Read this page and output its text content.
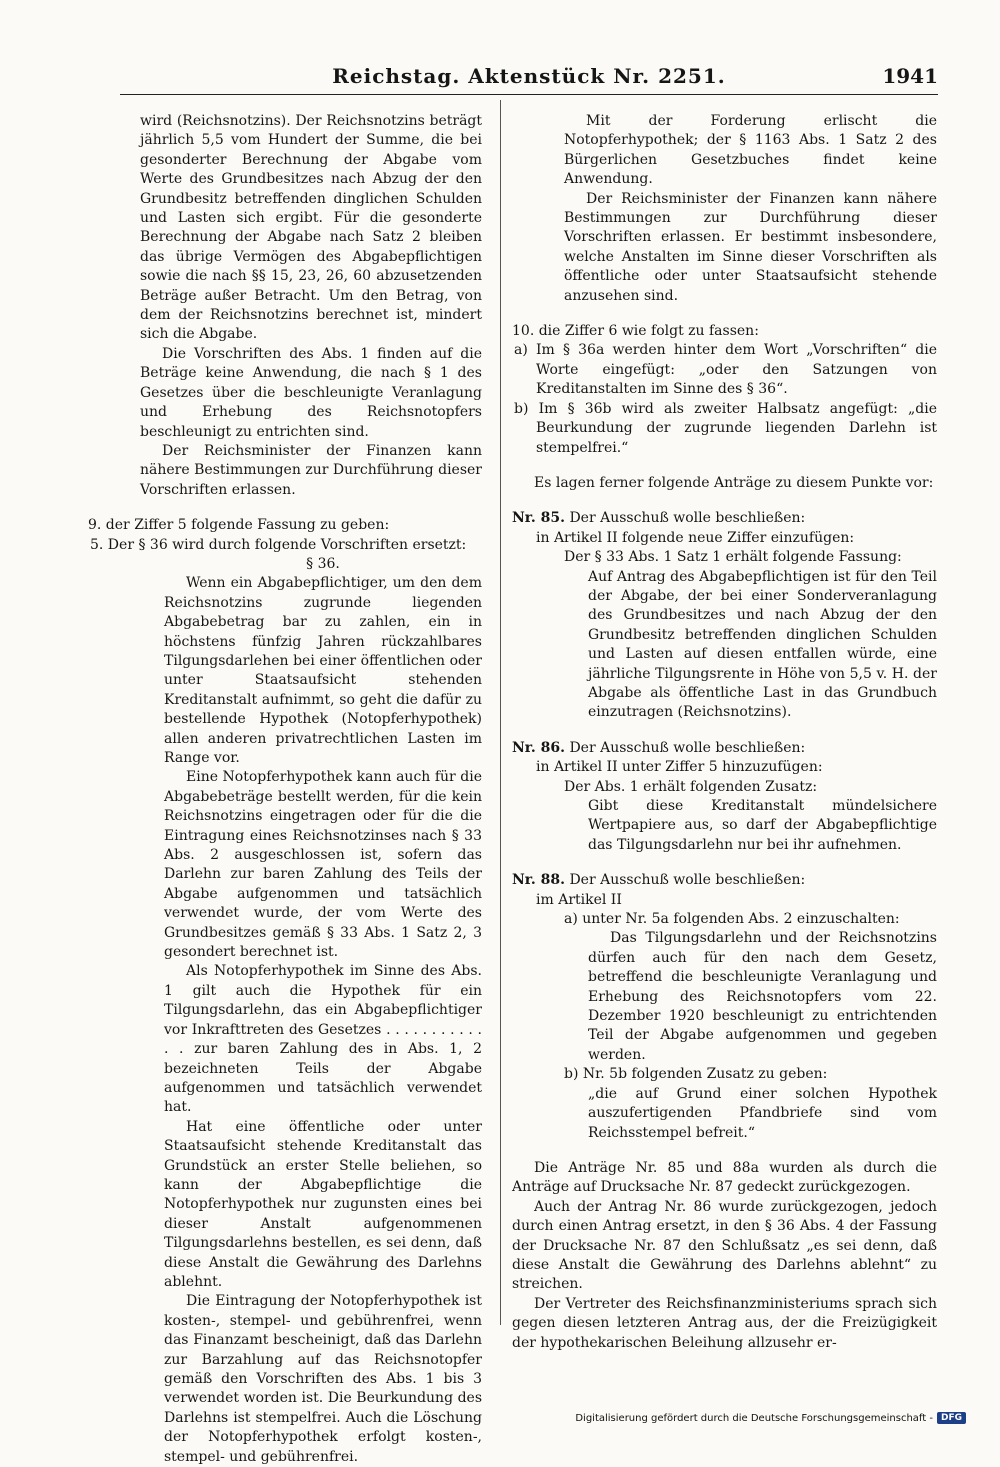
Reichstag. Aktenstück Nr. 2251.	1941

wird (Reichsnotzins). Der Reichsnotzins beträgt jährlich 5,5 vom Hundert der Summe, die bei gesonderter Berechnung der Abgabe vom Werte des Grundbesitzes nach Abzug der den Grundbesitz betreffenden dinglichen Schulden und Lasten sich ergibt. Für die gesonderte Berechnung der Abgabe nach Satz 2 bleiben das übrige Vermögen des Abgabepflichtigen sowie die nach §§ 15, 23, 26, 60 abzusetzenden Beträge außer Betracht. Um den Betrag, von dem der Reichsnotzins berechnet ist, mindert sich die Abgabe.

Die Vorschriften des Abs. 1 finden auf die Beträge keine Anwendung, die nach § 1 des Gesetzes über die beschleunigte Veranlagung und Erhebung des Reichsnotopfers beschleunigt zu entrichten sind.

Der Reichsminister der Finanzen kann nähere Bestimmungen zur Durchführung dieser Vorschriften erlassen.

9. der Ziffer 5 folgende Fassung zu geben:

5. Der § 36 wird durch folgende Vorschriften ersetzt:

§ 36.

Wenn ein Abgabepflichtiger, um den dem Reichsnotzins zugrunde liegenden Abgabebetrag bar zu zahlen, ein in höchstens fünfzig Jahren rückzahlbares Tilgungsdarlehen bei einer öffentlichen oder unter Staatsaufsicht stehenden Kreditanstalt aufnimmt, so geht die dafür zu bestellende Hypothek (Notopferhypothek) allen anderen privatrechtlichen Lasten im Range vor.

Eine Notopferhypothek kann auch für die Abgabebeträge bestellt werden, für die kein Reichsnotzins eingetragen oder für die die Eintragung eines Reichsnotzinses nach § 33 Abs. 2 ausgeschlossen ist, sofern das Darlehn zur baren Zahlung des Teils der Abgabe aufgenommen und tatsächlich verwendet wurde, der vom Werte des Grundbesitzes gemäß § 33 Abs. 1 Satz 2, 3 gesondert berechnet ist.

Als Notopferhypothek im Sinne des Abs. 1 gilt auch die Hypothek für ein Tilgungsdarlehn, das ein Abgabepflichtiger vor Inkrafttreten des Gesetzes . . . . . . . . . . . . . zur baren Zahlung des in Abs. 1, 2 bezeichneten Teils der Abgabe aufgenommen und tatsächlich verwendet hat.

Hat eine öffentliche oder unter Staatsaufsicht stehende Kreditanstalt das Grundstück an erster Stelle beliehen, so kann der Abgabepflichtige die Notopferhypothek nur zugunsten eines bei dieser Anstalt aufgenommenen Tilgungsdarlehns bestellen, es sei denn, daß diese Anstalt die Gewährung des Darlehns ablehnt.

Die Eintragung der Notopferhypothek ist kosten-, stempel- und gebührenfrei, wenn das Finanzamt bescheinigt, daß das Darlehn zur Barzahlung auf das Reichsnotopfer gemäß den Vorschriften des Abs. 1 bis 3 verwendet worden ist. Die Beurkundung des Darlehns ist stempelfrei. Auch die Löschung der Notopferhypothek erfolgt kosten-, stempel- und gebührenfrei.

Mit der Forderung erlischt die Notopferhypothek; der § 1163 Abs. 1 Satz 2 des Bürgerlichen Gesetzbuches findet keine Anwendung.

Der Reichsminister der Finanzen kann nähere Bestimmungen zur Durchführung dieser Vorschriften erlassen. Er bestimmt insbesondere, welche Anstalten im Sinne dieser Vorschriften als öffentliche oder unter Staatsaufsicht stehende anzusehen sind.

10. die Ziffer 6 wie folgt zu fassen:

a) Im § 36a werden hinter dem Wort „Vorschriften“ die Worte eingefügt: „oder den Satzungen von Kreditanstalten im Sinne des § 36“.

b) Im § 36b wird als zweiter Halbsatz angefügt: „die Beurkundung der zugrunde liegenden Darlehn ist stempelfrei.“

Es lagen ferner folgende Anträge zu diesem Punkte vor:

Nr. 85. Der Ausschuß wolle beschließen:

in Artikel II folgende neue Ziffer einzufügen:

Der § 33 Abs. 1 Satz 1 erhält folgende Fassung:

Auf Antrag des Abgabepflichtigen ist für den Teil der Abgabe, der bei einer Sonderveranlagung des Grundbesitzes und nach Abzug der den Grundbesitz betreffenden dinglichen Schulden und Lasten auf diesen entfallen würde, eine jährliche Tilgungsrente in Höhe von 5,5 v. H. der Abgabe als öffentliche Last in das Grundbuch einzutragen (Reichsnotzins).

Nr. 86. Der Ausschuß wolle beschließen:

in Artikel II unter Ziffer 5 hinzuzufügen:

Der Abs. 1 erhält folgenden Zusatz:

Gibt diese Kreditanstalt mündelsichere Wertpapiere aus, so darf der Abgabepflichtige das Tilgungsdarlehn nur bei ihr aufnehmen.

Nr. 88. Der Ausschuß wolle beschließen:

im Artikel II

a) unter Nr. 5a folgenden Abs. 2 einzuschalten:

Das Tilgungsdarlehn und der Reichsnotzins dürfen auch für den nach dem Gesetz, betreffend die beschleunigte Veranlagung und Erhebung des Reichsnotopfers vom 22. Dezember 1920 beschleunigt zu entrichtenden Teil der Abgabe aufgenommen und gegeben werden.

b) Nr. 5b folgenden Zusatz zu geben:

„die auf Grund einer solchen Hypothek auszufertigenden Pfandbriefe sind vom Reichsstempel befreit.“

Die Anträge Nr. 85 und 88a wurden als durch die Anträge auf Drucksache Nr. 87 gedeckt zurückgezogen.

Auch der Antrag Nr. 86 wurde zurückgezogen, jedoch durch einen Antrag ersetzt, in den § 36 Abs. 4 der Fassung der Drucksache Nr. 87 den Schlußsatz „es sei denn, daß diese Anstalt die Gewährung des Darlehns ablehnt“ zu streichen.

Der Vertreter des Reichsfinanzministeriums sprach sich gegen diesen letzteren Antrag aus, der die Freizügigkeit der hypothekarischen Beleihung allzusehr er-

Digitalisierung gefördert durch die Deutsche Forschungsgemeinschaft - DFG
